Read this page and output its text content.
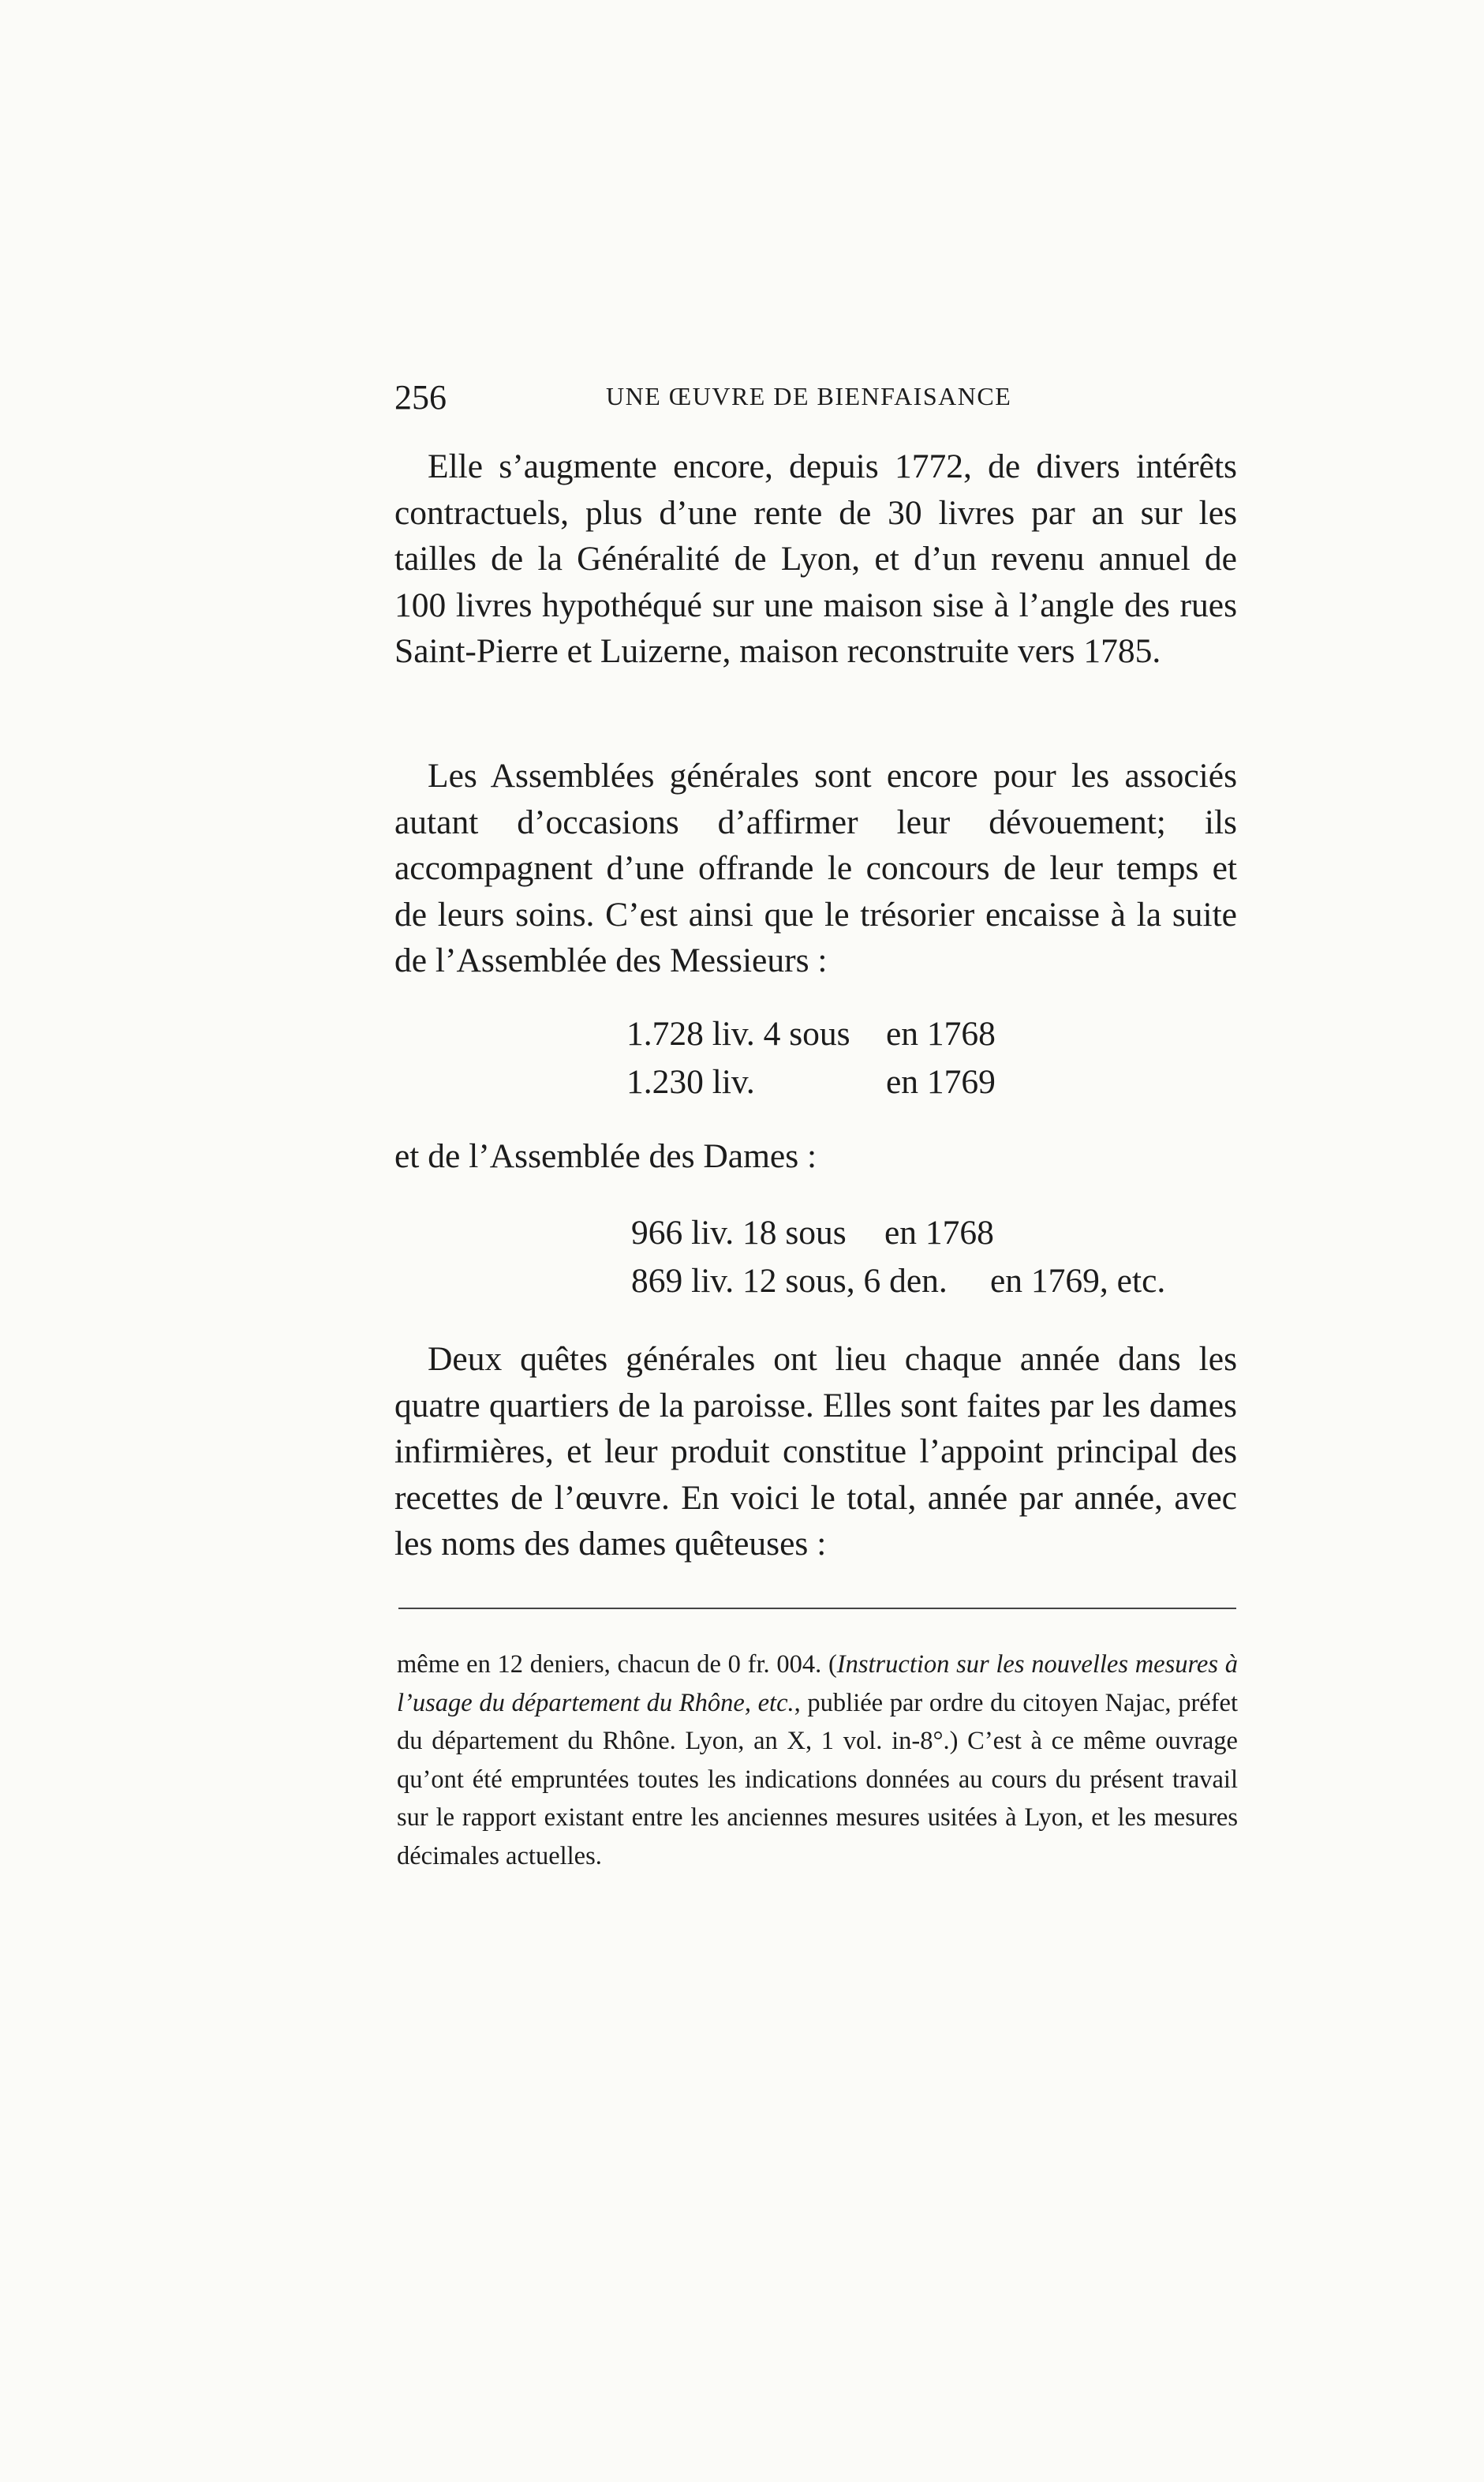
256	UNE ŒUVRE DE BIENFAISANCE

Elle s’augmente encore, depuis 1772, de divers intérêts contractuels, plus d’une rente de 30 livres par an sur les tailles de la Généralité de Lyon, et d’un revenu annuel de 100 livres hypothéqué sur une maison sise à l’angle des rues Saint-Pierre et Luizerne, maison reconstruite vers 1785.

Les Assemblées générales sont encore pour les associés autant d’occasions d’affirmer leur dévouement; ils accompagnent d’une offrande le concours de leur temps et de leurs soins. C’est ainsi que le trésorier encaisse à la suite de l’Assemblée des Messieurs :

1.728 liv. 4 sous en 1768
1.230 liv.	en 1769

et de l’Assemblée des Dames :

966 liv. 18 sous en 1768
869 liv. 12 sous, 6 den. en 1769, etc.

Deux quêtes générales ont lieu chaque année dans les quatre quartiers de la paroisse. Elles sont faites par les dames infirmières, et leur produit constitue l’appoint principal des recettes de l’œuvre. En voici le total, année par année, avec les noms des dames quêteuses :

même en 12 deniers, chacun de 0 fr. 004. (Instruction sur les nouvelles mesures à l’usage du département du Rhône, etc., publiée par ordre du citoyen Najac, préfet du département du Rhône. Lyon, an X, 1 vol. in-8°.) C’est à ce même ouvrage qu’ont été empruntées toutes les indications données au cours du présent travail sur le rapport existant entre les anciennes mesures usitées à Lyon, et les mesures décimales actuelles.
